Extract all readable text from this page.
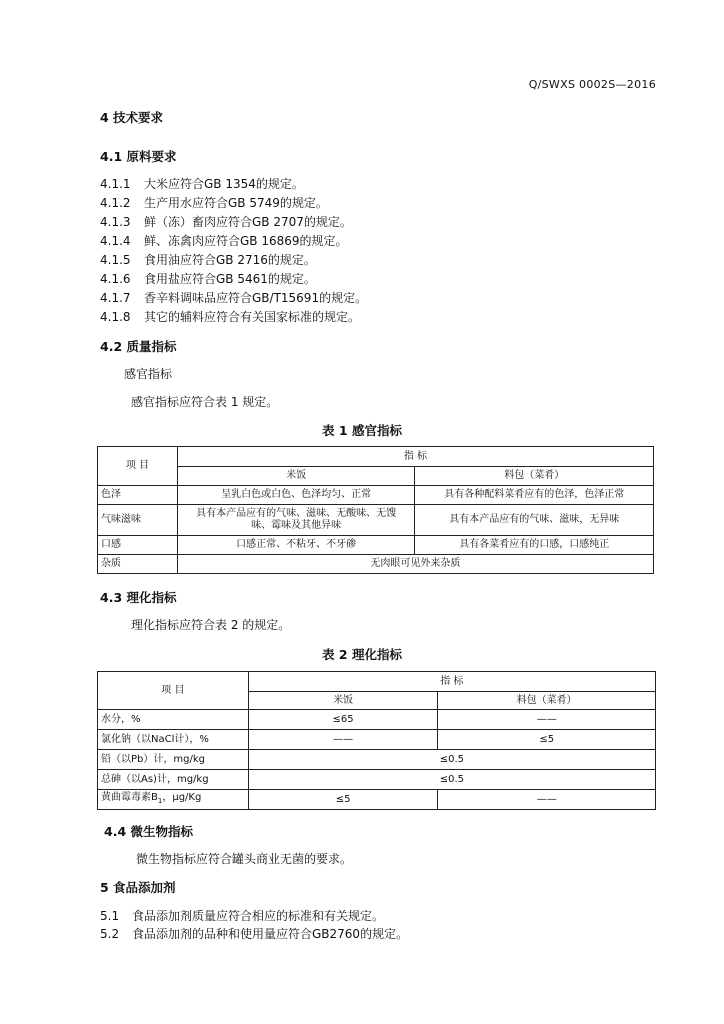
Q/SWXS 0002S—2016
4 技术要求
4.1 原料要求
4.1.1 大米应符合GB 1354的规定。
4.1.2 生产用水应符合GB 5749的规定。
4.1.3 鲜（冻）畜肉应符合GB 2707的规定。
4.1.4 鲜、冻禽肉应符合GB 16869的规定。
4.1.5 食用油应符合GB 2716的规定。
4.1.6 食用盐应符合GB 5461的规定。
4.1.7 香辛料调味品应符合GB/T15691的规定。
4.1.8 其它的辅料应符合有关国家标准的规定。
4.2 质量指标
感官指标
感官指标应符合表 1 规定。
表 1 感官指标
项 目	指 标	
	米饭	料包（菜肴）
色泽	呈乳白色或白色、色泽均匀、正常	具有各种配料菜肴应有的色泽，色泽正常
气味滋味	具有本产品应有的气味、滋味、无酸味、无馊
味、霉味及其他异味	具有本产品应有的气味、滋味，无异味
口感	口感正常、不粘牙、不牙碜	具有各菜肴应有的口感，口感纯正
杂质	无肉眼可见外来杂质	
4.3 理化指标
理化指标应符合表 2 的规定。
表 2 理化指标
项 目	指 标	
	米饭	料包（菜肴）
水分，%	≤65	——
氯化钠（以NaCl计），%	——	≤5
铅（以Pb）计，mg/kg	≤0.5	
总砷（以As)计，mg/kg	≤0.5	
黄曲霉毒素$B_1$，μg/Kg	≤5	——
4.4 微生物指标
微生物指标应符合罐头商业无菌的要求。
5 食品添加剂
5.1 食品添加剂质量应符合相应的标准和有关规定。
5.2 食品添加剂的品种和使用量应符合GB2760的规定。
